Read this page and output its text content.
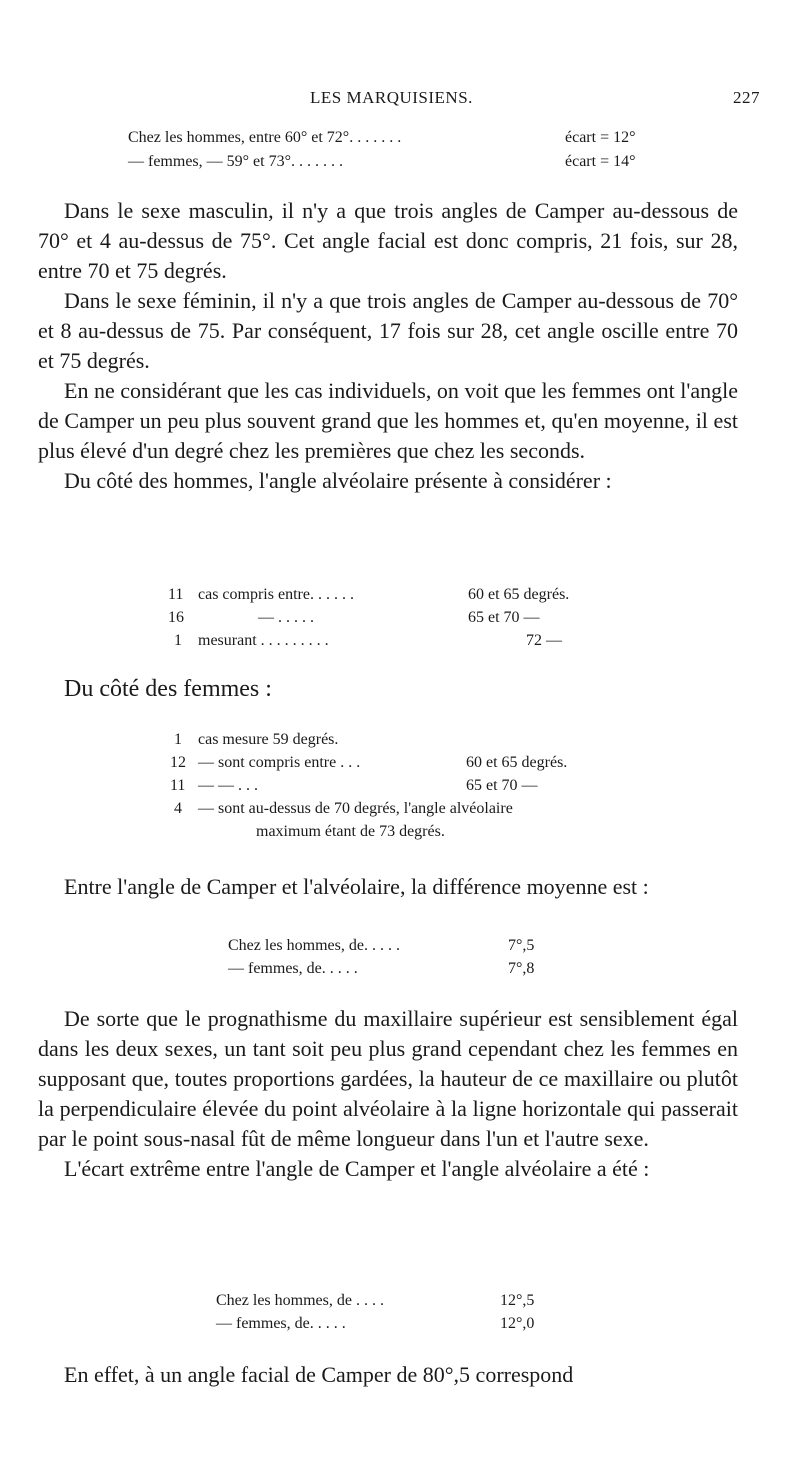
LES MARQUISIENS.	227
Chez les hommes, entre 60° et 72°. . . . . . .	écart = 12°
— femmes, — 59° et 73°. . . . . . .	écart = 14°

Dans le sexe masculin, il n'y a que trois angles de Camper au-dessous de 70° et 4 au-dessus de 75°. Cet angle facial est donc compris, 21 fois, sur 28, entre 70 et 75 degrés.

Dans le sexe féminin, il n'y a que trois angles de Camper au-dessous de 70° et 8 au-dessus de 75. Par conséquent, 17 fois sur 28, cet angle oscille entre 70 et 75 degrés.

En ne considérant que les cas individuels, on voit que les femmes ont l'angle de Camper un peu plus souvent grand que les hommes et, qu'en moyenne, il est plus élevé d'un degré chez les premières que chez les seconds.

Du côté des hommes, l'angle alvéolaire présente à considérer :

11 cas compris entre. . . . . .	60 et 65 degrés.
16	— . . . . .	65 et 70 —
1 mesurant . . . . . . . . .	72 —
Du côté des femmes :
1 cas mesure 59 degrés.
12 — sont compris entre . . .	60 et 65 degrés.
11 — — . . .	65 et 70 —
4 — sont au-dessus de 70 degrés, l'angle alvéolaire
maximum étant de 73 degrés.

Entre l'angle de Camper et l'alvéolaire, la différence moyenne est :

Chez les hommes, de. . . . .	7°,5
— femmes, de. . . . .	7°,8

De sorte que le prognathisme du maxillaire supérieur est sensiblement égal dans les deux sexes, un tant soit peu plus grand cependant chez les femmes en supposant que, toutes proportions gardées, la hauteur de ce maxillaire ou plutôt la perpendiculaire élevée du point alvéolaire à la ligne horizontale qui passerait par le point sous-nasal fût de même longueur dans l'un et l'autre sexe.

L'écart extrême entre l'angle de Camper et l'angle alvéolaire a été :

Chez les hommes, de . . . .	12°,5
— femmes, de. . . . .	12°,0

En effet, à un angle facial de Camper de 80°,5 correspond
